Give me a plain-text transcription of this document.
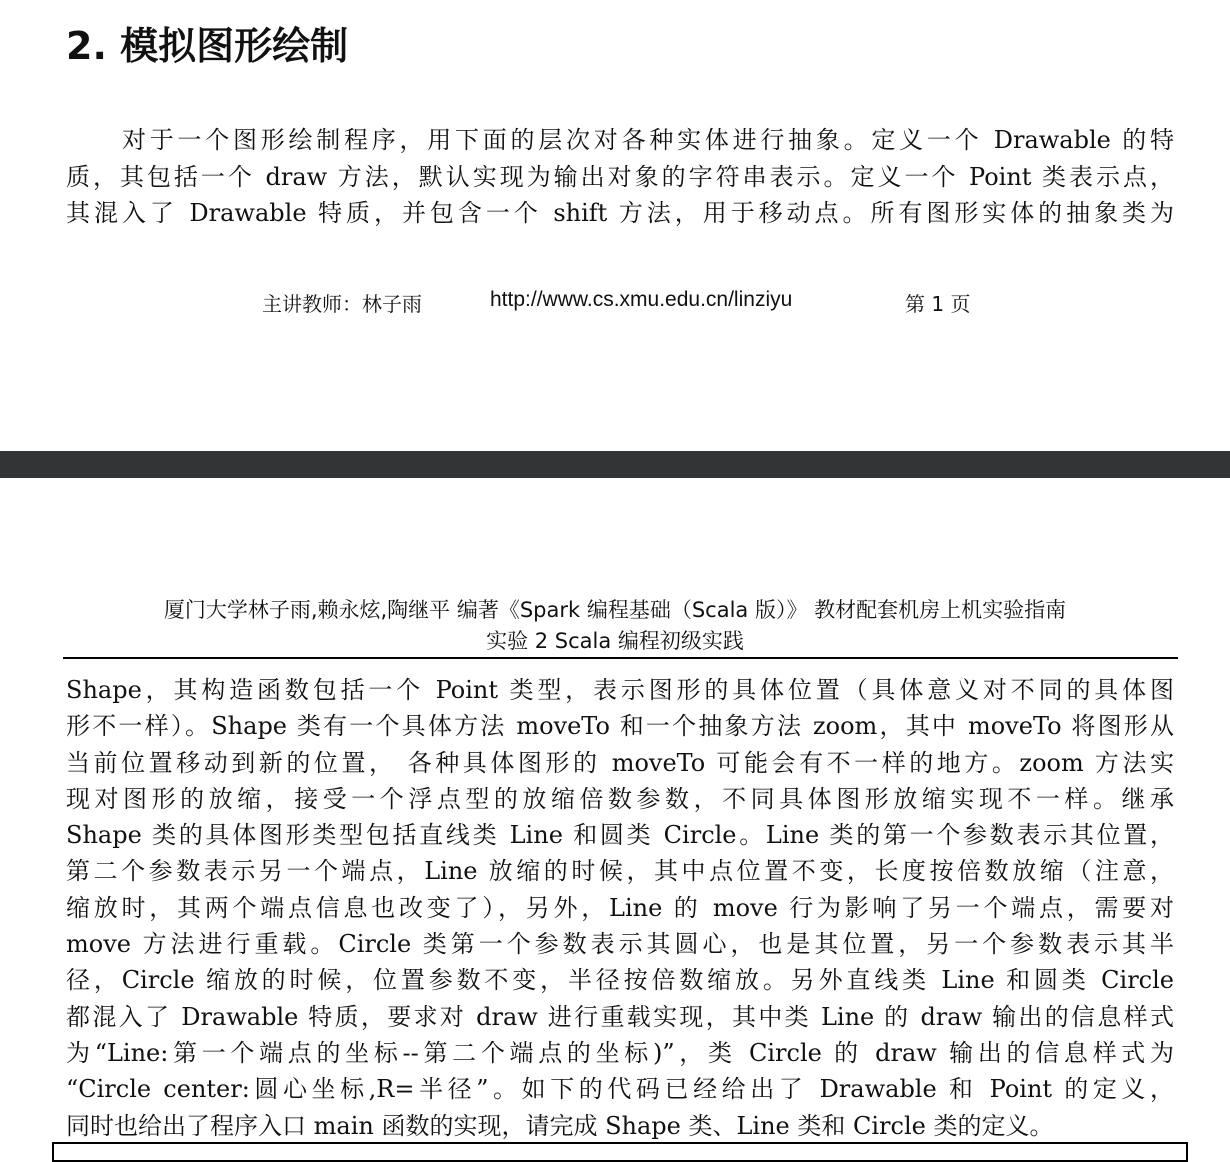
2. 模拟图形绘制
对于一个图形绘制程序，用下面的层次对各种实体进行抽象。定义一个 Drawable 的特
质，其包括一个 draw 方法，默认实现为输出对象的字符串表示。定义一个 Point 类表示点，
其混入了 Drawable 特质，并包含一个 shift 方法，用于移动点。所有图形实体的抽象类为
主讲教师：林子雨	http://www.cs.xmu.edu.cn/linziyu	第 1 页
厦门大学林子雨,赖永炫,陶继平 编著《Spark 编程基础（Scala 版）》 教材配套机房上机实验指南
实验 2 Scala 编程初级实践
Shape，其构造函数包括一个 Point 类型，表示图形的具体位置（具体意义对不同的具体图
形不一样）。Shape 类有一个具体方法 moveTo 和一个抽象方法 zoom，其中 moveTo 将图形从
当前位置移动到新的位置， 各种具体图形的 moveTo 可能会有不一样的地方。zoom 方法实
现对图形的放缩，接受一个浮点型的放缩倍数参数，不同具体图形放缩实现不一样。继承
Shape 类的具体图形类型包括直线类 Line 和圆类 Circle。Line 类的第一个参数表示其位置，
第二个参数表示另一个端点，Line 放缩的时候，其中点位置不变，长度按倍数放缩（注意，
缩放时，其两个端点信息也改变了），另外，Line 的 move 行为影响了另一个端点，需要对
move 方法进行重载。Circle 类第一个参数表示其圆心，也是其位置，另一个参数表示其半
径，Circle 缩放的时候，位置参数不变，半径按倍数缩放。另外直线类 Line 和圆类 Circle
都混入了 Drawable 特质，要求对 draw 进行重载实现，其中类 Line 的 draw 输出的信息样式
为“Line:第一个端点的坐标--第二个端点的坐标)”，类 Circle 的 draw 输出的信息样式为
“Circle center:圆心坐标,R=半径”。如下的代码已经给出了 Drawable 和 Point 的定义，
同时也给出了程序入口 main 函数的实现，请完成 Shape 类、Line 类和 Circle 类的定义。
